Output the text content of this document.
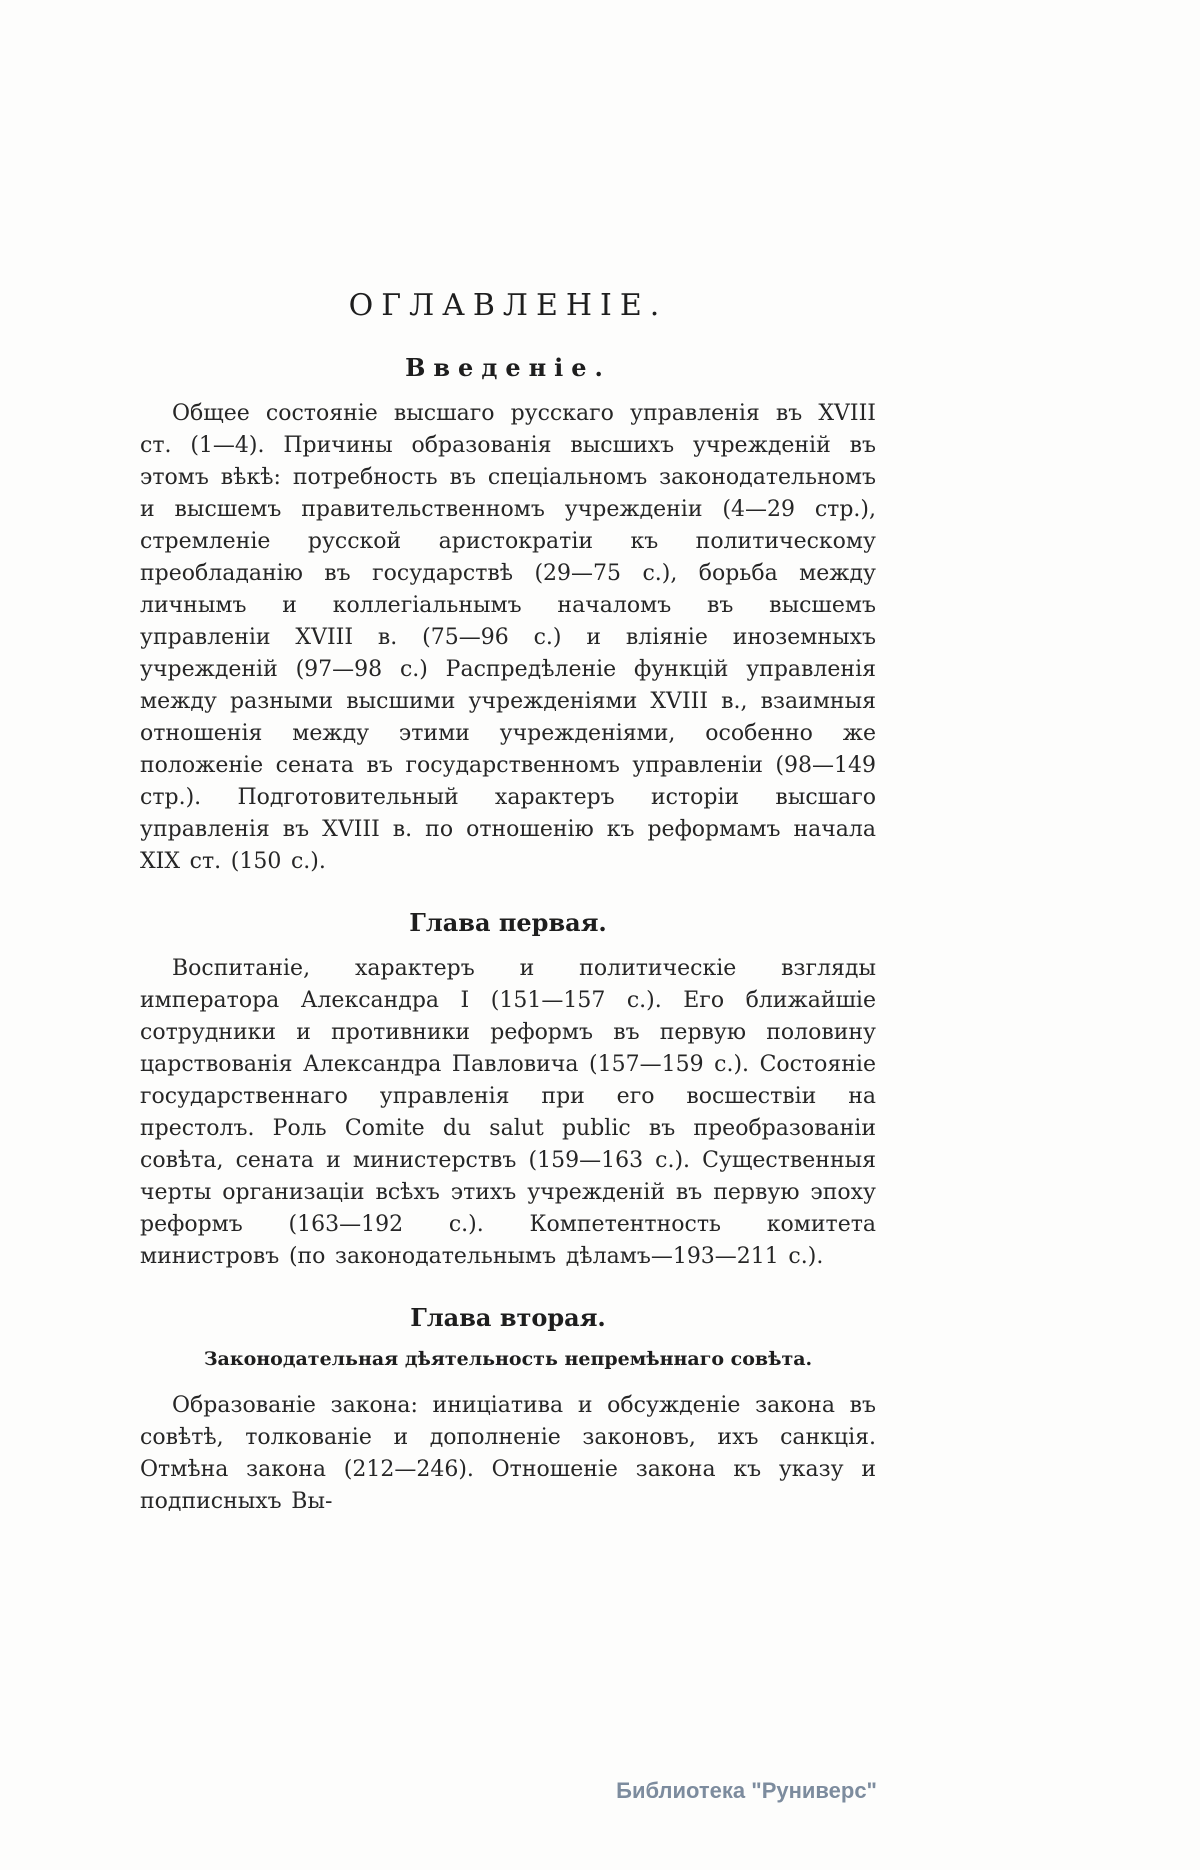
ОГЛАВЛЕНІЕ.
Введеніе.

Общее состояніе высшаго русскаго управленія въ XVIII ст. (1—4). Причины образованія высшихъ учрежденій въ этомъ вѣкѣ: потребность въ спеціальномъ законодательномъ и высшемъ правительственномъ учрежденіи (4—29 стр.), стремленіе русской аристократіи къ политическому преобладанію въ государствѣ (29—75 с.), борьба между личнымъ и коллегіальнымъ началомъ въ высшемъ управленіи XVIII в. (75—96 с.) и вліяніе иноземныхъ учрежденій (97—98 с.) Распредѣленіе функцій управленія между разными высшими учрежденіями XVIII в., взаимныя отношенія между этими учрежденіями, особенно же положеніе сената въ государственномъ управленіи (98—149 стр.). Подготовительный характеръ исторіи высшаго управленія въ XVIII в. по отношенію къ реформамъ начала XIX ст. (150 с.).

Глава первая.

Воспитаніе, характеръ и политическіе взгляды императора Александра I (151—157 с.). Его ближайшіе сотрудники и противники реформъ въ первую половину царствованія Александра Павловича (157—159 с.). Состояніе государственнаго управленія при его восшествіи на престолъ. Роль Comite du salut public въ преобразованіи совѣта, сената и министерствъ (159—163 с.). Существенныя черты организаціи всѣхъ этихъ учрежденій въ первую эпоху реформъ (163—192 с.). Компетентность комитета министровъ (по законодательнымъ дѣламъ—193—211 с.).

Глава вторая.
Законодательная дѣятельность непремѣннаго совѣта.

Образованіе закона: иниціатива и обсужденіе закона въ совѣтѣ, толкованіе и дополненіе законовъ, ихъ санкція. Отмѣна закона (212—246). Отношеніе закона къ указу и подписныхъ Вы-

Библиотека "Руниверс"
